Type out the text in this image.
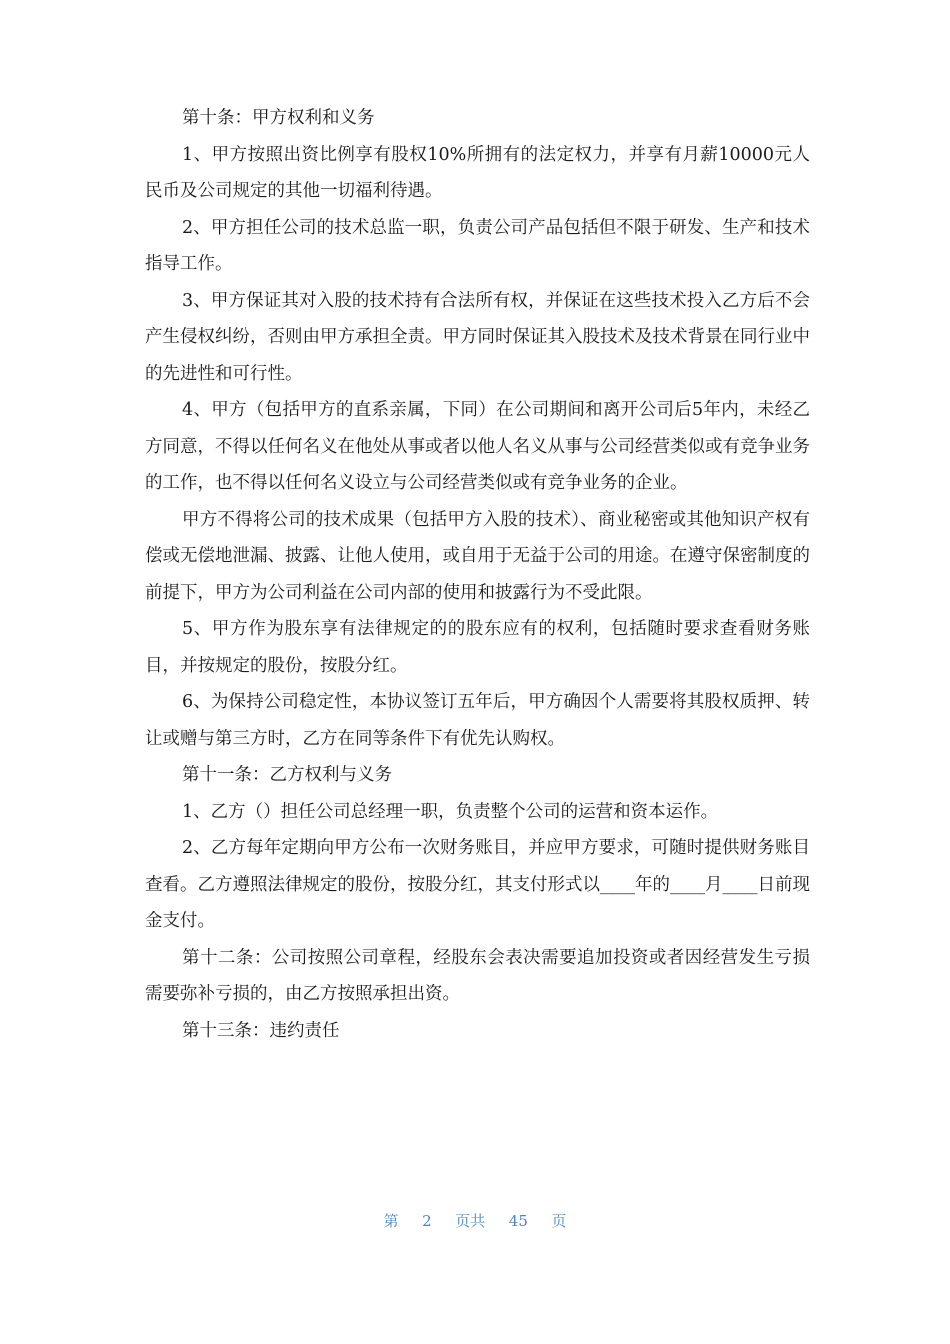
第十条：甲方权利和义务

1、甲方按照出资比例享有股权10%所拥有的法定权力，并享有月薪10000元人民币及公司规定的其他一切福利待遇。

2、甲方担任公司的技术总监一职，负责公司产品包括但不限于研发、生产和技术指导工作。

3、甲方保证其对入股的技术持有合法所有权，并保证在这些技术投入乙方后不会产生侵权纠纷，否则由甲方承担全责。甲方同时保证其入股技术及技术背景在同行业中的先进性和可行性。

4、甲方（包括甲方的直系亲属，下同）在公司期间和离开公司后5年内，未经乙方同意，不得以任何名义在他处从事或者以他人名义从事与公司经营类似或有竞争业务的工作，也不得以任何名义设立与公司经营类似或有竞争业务的企业。

甲方不得将公司的技术成果（包括甲方入股的技术）、商业秘密或其他知识产权有偿或无偿地泄漏、披露、让他人使用，或自用于无益于公司的用途。在遵守保密制度的前提下，甲方为公司利益在公司内部的使用和披露行为不受此限。

5、甲方作为股东享有法律规定的的股东应有的权利，包括随时要求查看财务账目，并按规定的股份，按股分红。

6、为保持公司稳定性，本协议签订五年后，甲方确因个人需要将其股权质押、转让或赠与第三方时，乙方在同等条件下有优先认购权。

第十一条：乙方权利与义务

1、乙方（）担任公司总经理一职，负责整个公司的运营和资本运作。

2、乙方每年定期向甲方公布一次财务账目，并应甲方要求，可随时提供财务账目查看。乙方遵照法律规定的股份，按股分红，其支付形式以____年的____月____日前现金支付。

第十二条：公司按照公司章程，经股东会表决需要追加投资或者因经营发生亏损需要弥补亏损的，由乙方按照承担出资。

第十三条：违约责任

第 2 页共 45 页
